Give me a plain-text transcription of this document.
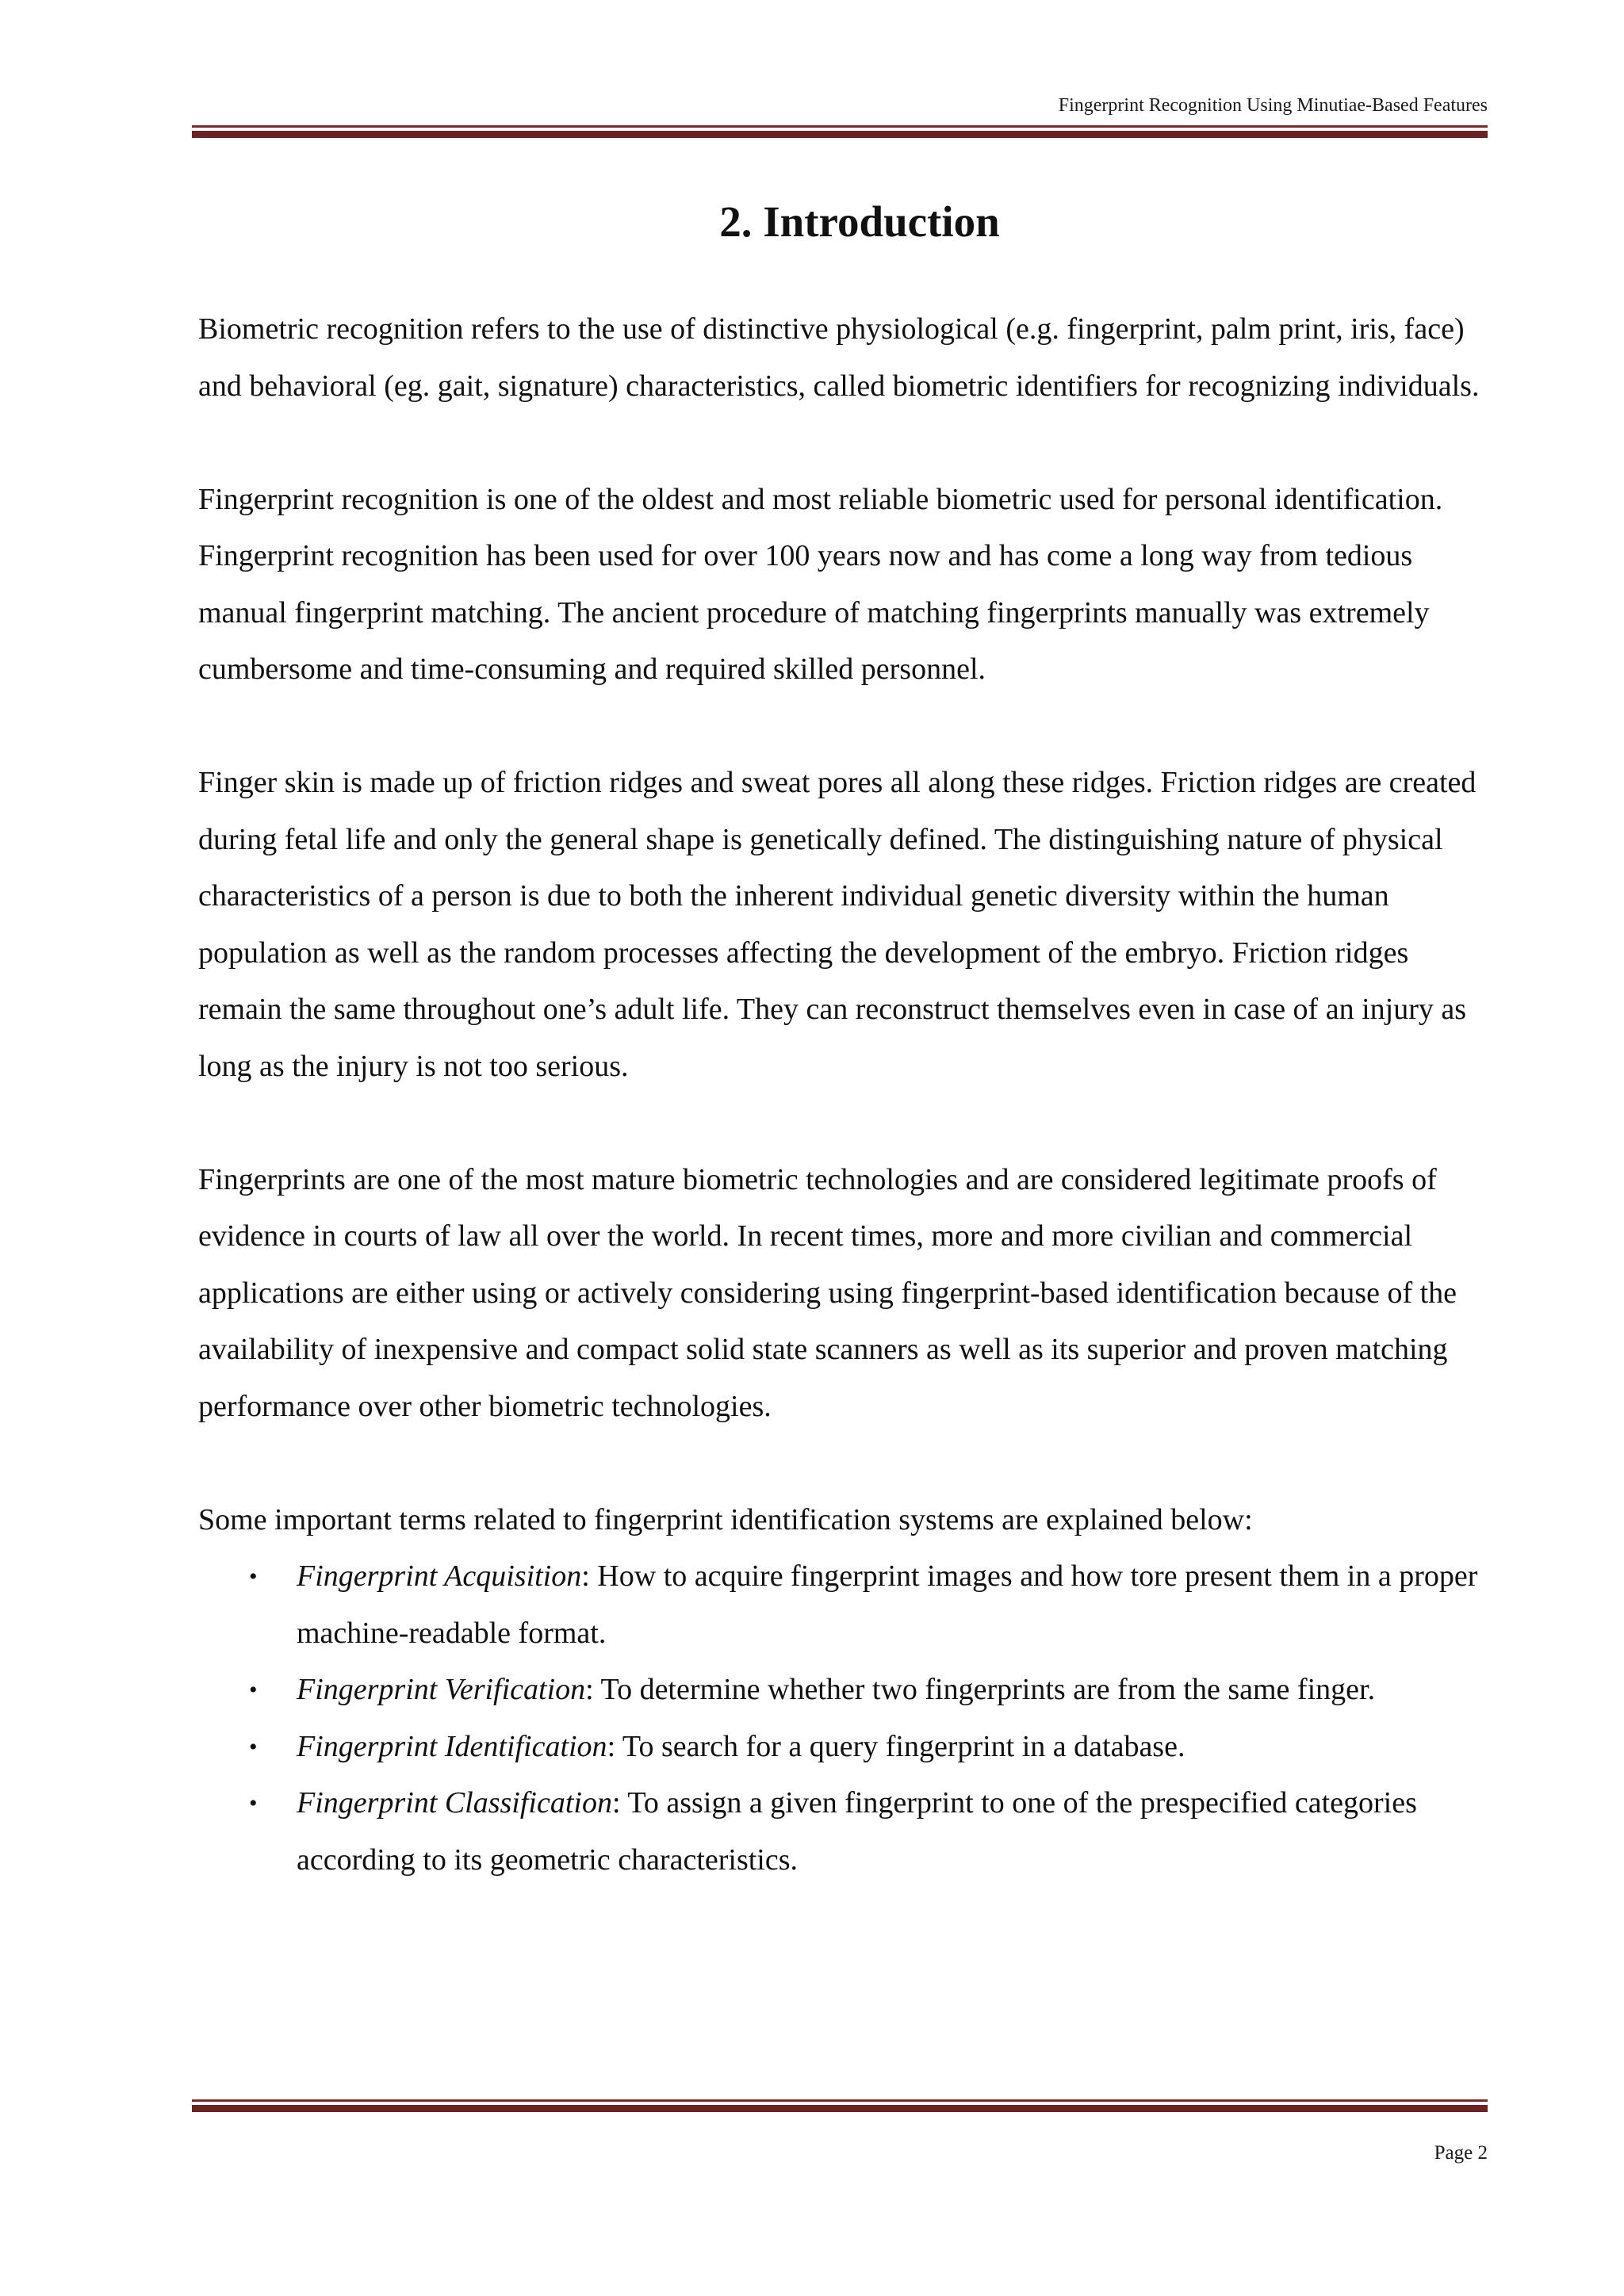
Fingerprint Recognition Using Minutiae-Based Features
2. Introduction

Biometric recognition refers to the use of distinctive physiological (e.g. fingerprint, palm print, iris, face) and behavioral (eg. gait, signature) characteristics, called biometric identifiers for recognizing individuals.

Fingerprint recognition is one of the oldest and most reliable biometric used for personal identification. Fingerprint recognition has been used for over 100 years now and has come a long way from tedious manual fingerprint matching. The ancient procedure of matching fingerprints manually was extremely cumbersome and time-consuming and required skilled personnel.

Finger skin is made up of friction ridges and sweat pores all along these ridges. Friction ridges are created during fetal life and only the general shape is genetically defined. The distinguishing nature of physical characteristics of a person is due to both the inherent individual genetic diversity within the human population as well as the random processes affecting the development of the embryo. Friction ridges remain the same throughout one’s adult life. They can reconstruct themselves even in case of an injury as long as the injury is not too serious.

Fingerprints are one of the most mature biometric technologies and are considered legitimate proofs of evidence in courts of law all over the world. In recent times, more and more civilian and commercial applications are either using or actively considering using fingerprint-based identification because of the availability of inexpensive and compact solid state scanners as well as its superior and proven matching performance over other biometric technologies.

Some important terms related to fingerprint identification systems are explained below:

• Fingerprint Acquisition: How to acquire fingerprint images and how tore present them in a proper machine-readable format.
• Fingerprint Verification: To determine whether two fingerprints are from the same finger.
• Fingerprint Identification: To search for a query fingerprint in a database.
• Fingerprint Classification: To assign a given fingerprint to one of the prespecified categories according to its geometric characteristics.
Page 2
